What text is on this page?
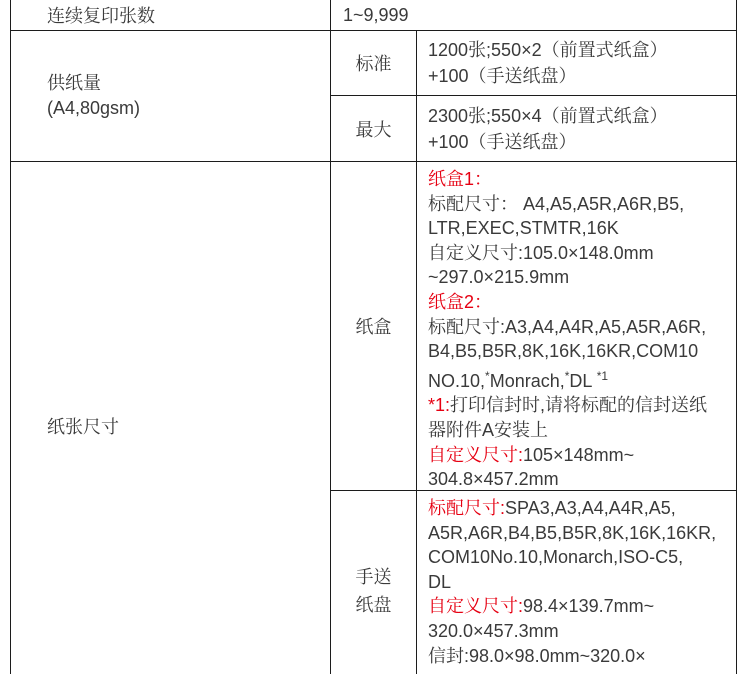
连续复印张数	1~9,999
供纸量
(A4,80gsm)
标准
1200张;550×2（前置式纸盒）
+100（手送纸盘）
最大
2300张;550×4（前置式纸盒）
+100（手送纸盘）
纸张尺寸
纸盒
纸盒1：
标配尺寸： A4,A5,A5R,A6R,B5,
LTR,EXEC,STMTR,16K
自定义尺寸:105.0×148.0mm
~297.0×215.9mm
纸盒2：
标配尺寸:A3,A4,A4R,A5,A5R,A6R,
B4,B5,B5R,8K,16K,16KR,COM10
NO.10,*Monrach,*DL $^{*1}$
*1:打印信封时,请将标配的信封送纸
器附件A安装上
自定义尺寸:105×148mm~
304.8×457.2mm
手送
纸盘
标配尺寸:SPA3,A3,A4,A4R,A5,
A5R,A6R,B4,B5,B5R,8K,16K,16KR,
COM10No.10,Monarch,ISO-C5,
DL
自定义尺寸:98.4×139.7mm~
320.0×457.3mm
信封:98.0×98.0mm~320.0×
